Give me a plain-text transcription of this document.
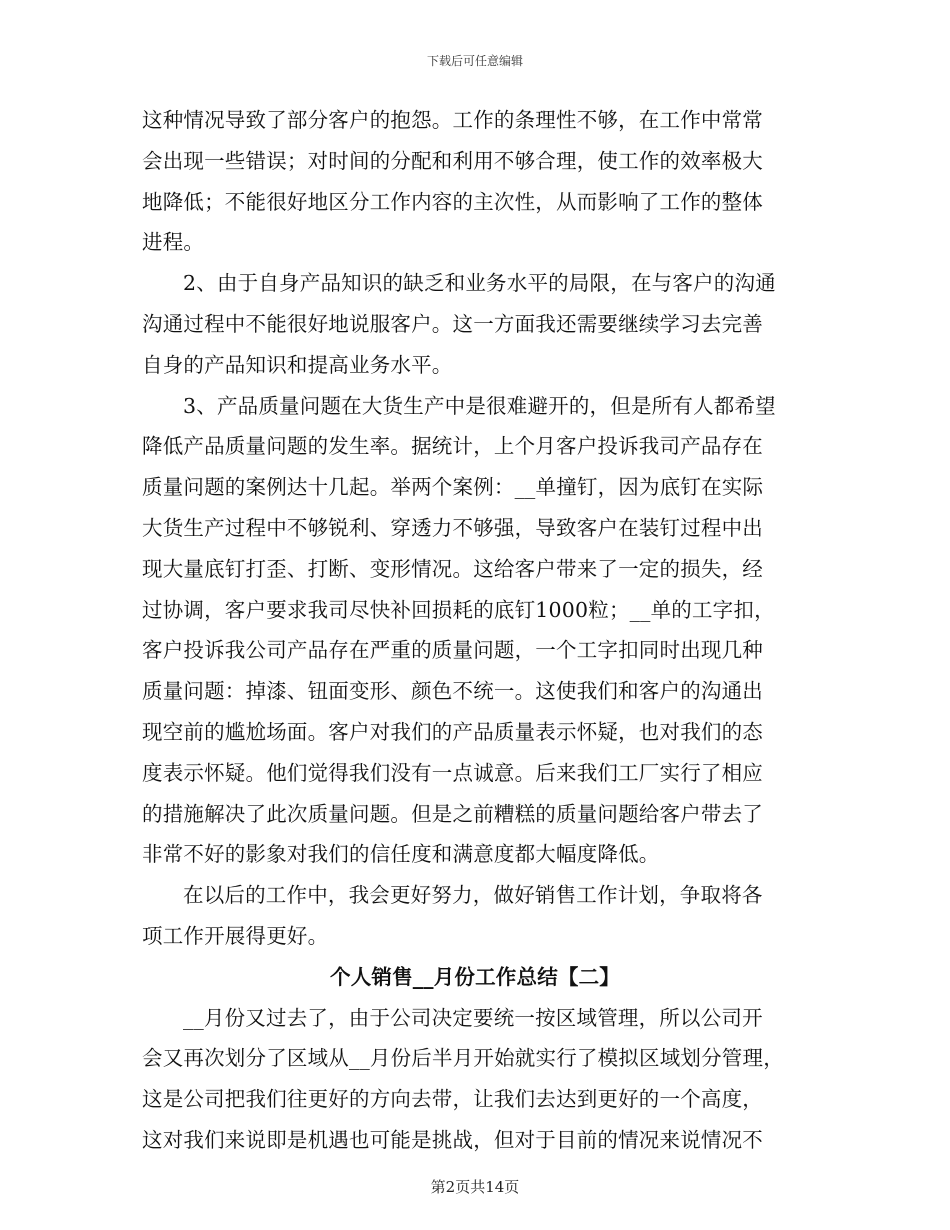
下载后可任意编辑
这种情况导致了部分客户的抱怨。工作的条理性不够，在工作中常常
会出现一些错误；对时间的分配和利用不够合理，使工作的效率极大
地降低；不能很好地区分工作内容的主次性，从而影响了工作的整体
进程。
2、由于自身产品知识的缺乏和业务水平的局限，在与客户的沟通
沟通过程中不能很好地说服客户。这一方面我还需要继续学习去完善
自身的产品知识和提高业务水平。
3、产品质量问题在大货生产中是很难避开的，但是所有人都希望
降低产品质量问题的发生率。据统计，上个月客户投诉我司产品存在
质量问题的案例达十几起。举两个案例：__单撞钉，因为底钉在实际
大货生产过程中不够锐利、穿透力不够强，导致客户在装钉过程中出
现大量底钉打歪、打断、变形情况。这给客户带来了一定的损失，经
过协调，客户要求我司尽快补回损耗的底钉1000粒；__单的工字扣，
客户投诉我公司产品存在严重的质量问题，一个工字扣同时出现几种
质量问题：掉漆、钮面变形、颜色不统一。这使我们和客户的沟通出
现空前的尴尬场面。客户对我们的产品质量表示怀疑，也对我们的态
度表示怀疑。他们觉得我们没有一点诚意。后来我们工厂实行了相应
的措施解决了此次质量问题。但是之前糟糕的质量问题给客户带去了
非常不好的影象对我们的信任度和满意度都大幅度降低。
在以后的工作中，我会更好努力，做好销售工作计划，争取将各
项工作开展得更好。
个人销售__月份工作总结【二】
__月份又过去了，由于公司决定要统一按区域管理，所以公司开
会又再次划分了区域从__月份后半月开始就实行了模拟区域划分管理，
这是公司把我们往更好的方向去带，让我们去达到更好的一个高度，
这对我们来说即是机遇也可能是挑战，但对于目前的情况来说情况不
第2页共14页
